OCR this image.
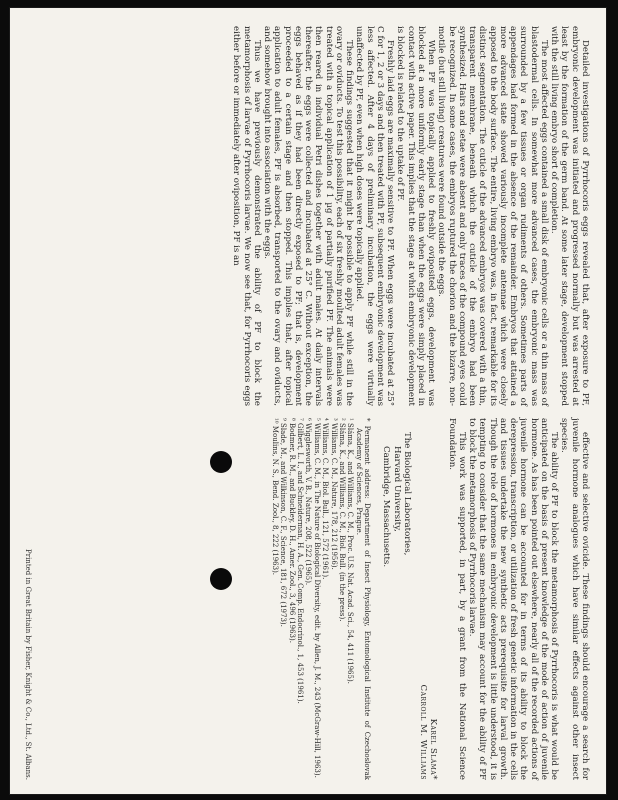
Detailed investigations of Pyrrhocoris eggs revealed that, after exposure to PF, embryonic development was initiated and progressed normally but was arrested at least by the formation of the germ band. At some later stage, development stopped with the still living embryo short of completion.

The most affected eggs contained a small disk of embryonic cells or a thin mass of blastodermal cells. In somewhat more advanced cases, the embryonic mass was surrounded by a few tissues or organ rudiments of others. Sometimes parts of appendages had formed in the absence of the remainder. Embryos that attained a more advanced state showed variously incomplete antennae which were closely apposed to the body surface. The entire, living embryo was, in fact, remarkable for its distinct segmentation. The cuticle of the advanced embryos was covered with a thin, transparent membrane, beneath which the cuticle of the embryo had been synthesized. Hairs and setae were absent and only traces of the compound eyes could be recognized. In some cases, the embryos ruptured the chorion and the bizarre, non-motile (but still living) creatures were found outside the eggs.

When PF was topically applied to freshly oviposited eggs, development was blocked at a more uniformly early stage than when the eggs were simply placed in contact with active paper. This implies that the stage at which embryonic development is blocked is related to the uptake of PF.

Freshly laid eggs are maximally sensitive to PF. When eggs were incubated at 25° C for 1, 2 or 3 days and then treated with PF, subsequent embryonic development was less affected. After 4 days of preliminary incubation, the eggs were virtually unaffected by PF, even when high doses were topically applied.

These findings suggested that it might be possible to apply PF while still in the ovary or oviducts. To test this possibility, each of six freshly moulted adult females was treated with a topical application of 1 µg of partially purified PF. The animals were then reared in individual Petri dishes together with adult males. At daily intervals thereafter, the eggs were collected and incubated at 25° C. Without exception, the eggs behaved as if they had been directly exposed to PF; that is, development proceeded to a certain stage and then stopped. This implies that, after topical application to adult females, PF is absorbed, transported to the ovary and oviducts, and somehow brought into association with the eggs.

Thus we have previously demonstrated the ability of PF to block the metamorphosis of larvae of Pyrrhocoris larvae. We now see that, for Pyrrhocoris eggs either before or immediately after oviposition, PF is an

effective and selective ovicide. These findings should encourage a search for juvenile hormone analogues which have similar effects against other insect species.

The ability of PF to block the metamorphosis of Pyrrhocoris is what would be anticipated on the basis of present knowledge of the mode of action of juvenile hormone. As has been pointed out elsewhere, nearly all of the recorded actions of juvenile hormone can be accounted for in terms of its ability to block the derepression, transcription, or utilization of fresh genetic information in the cells and tissues undertake the new synthetic acts prerequisite for larval growth. Though the role of hormones in embryonic development is little understood, it is tempting to consider that the same mechanism may account for the ability of PF to block the metamorphosis of Pyrrhocoris larvae.

This work was supported, in part, by a grant from the National Science Foundation.

Karel Sláma*
Carroll M. Williams
The Biological Laboratories,
Harvard University,
Cambridge, Massachusetts.
* Permanent address: Department of Insect Physiology, Entomological Institute of Czechoslovak Academy of Sciences, Prague.
¹ Sláma, K., and Williams, C. M., Proc. U.S. Nat. Acad. Sci., 54, 411 (1965).
² Sláma, K., and Williams, C. M., Biol. Bull. (in the press).
³ Williams, C. M., Nature, 178, 212 (1956).
⁴ Williams, C. M., Biol. Bull., 121, 572 (1961).
⁵ Williams, C. M., in The Nature of Biological Diversity, edit. by Allen, J. M., 243 (McGraw-Hill, 1963).
⁶ Wigglesworth, V. B., Nature, 208, 522 (1965).
⁷ Gilbert, L. I., and Schneiderman, H. A., Gen. Comp. Endocrinol., 1, 453 (1961).
⁸ Bodmer, R. M., and Buckley, D. H., Amer. Zool., 3, 496 (1963).
⁹ Slade, M., and Wilkinson, C. F., Science, 181, 672 (1973).
¹⁰ Moulins, N. S., Bend. Zool., 8, 222 (1963).
Printed in Great Britain by Fisher, Knight & Co., Ltd., St. Albans.
